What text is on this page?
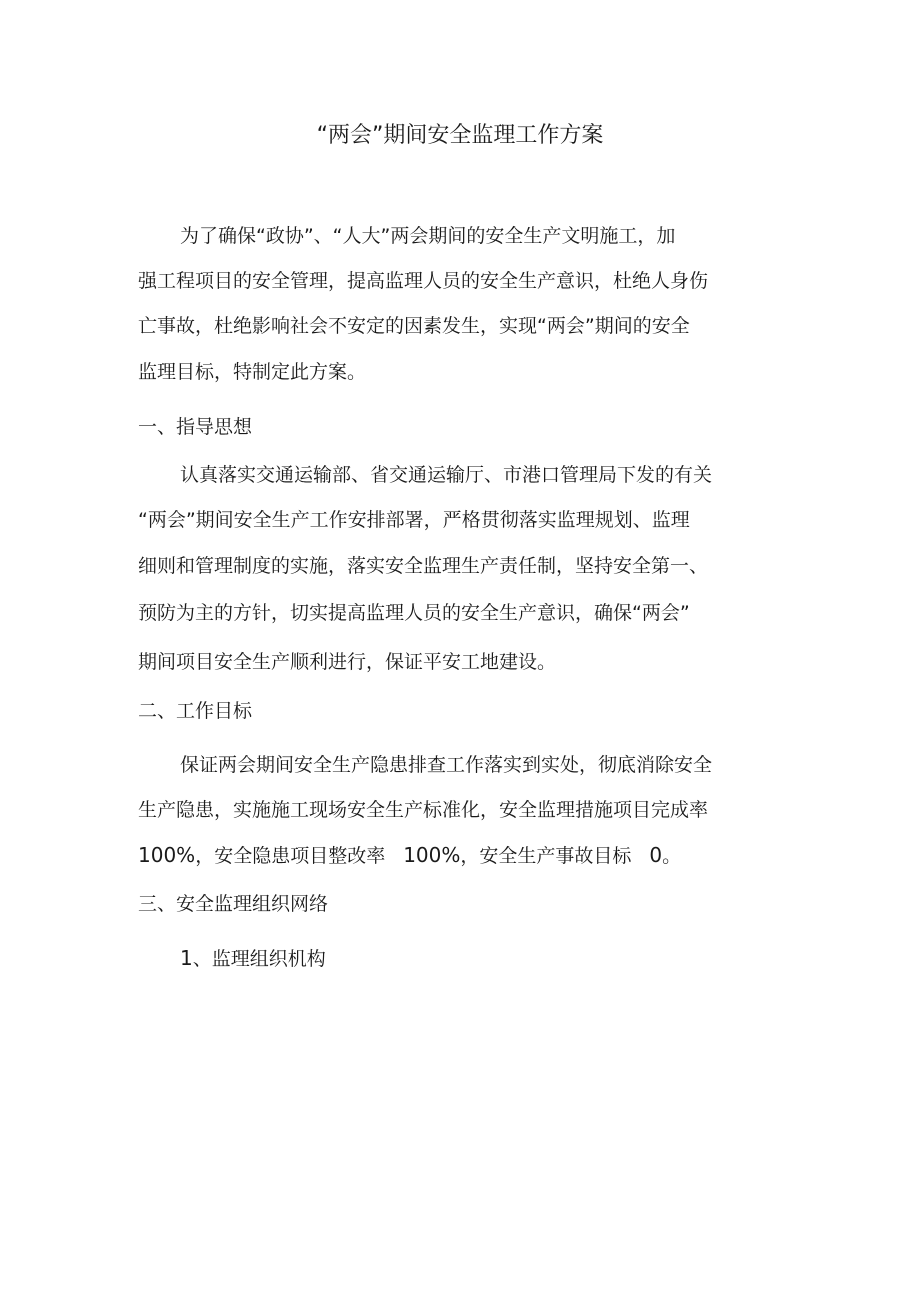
“两会”期间安全监理工作方案
为了确保“政协”、“人大”两会期间的安全生产文明施工，加
强工程项目的安全管理，提高监理人员的安全生产意识，杜绝人身伤
亡事故，杜绝影响社会不安定的因素发生，实现“两会”期间的安全
监理目标，特制定此方案。
一、指导思想
认真落实交通运输部、省交通运输厅、市港口管理局下发的有关
“两会”期间安全生产工作安排部署，严格贯彻落实监理规划、监理
细则和管理制度的实施，落实安全监理生产责任制，坚持安全第一、
预防为主的方针，切实提高监理人员的安全生产意识，确保“两会”
期间项目安全生产顺利进行，保证平安工地建设。
二、工作目标
保证两会期间安全生产隐患排查工作落实到实处，彻底消除安全
生产隐患，实施施工现场安全生产标准化，安全监理措施项目完成率
100%，安全隐患项目整改率 100%，安全生产事故目标 0。
三、安全监理组织网络
1、监理组织机构
